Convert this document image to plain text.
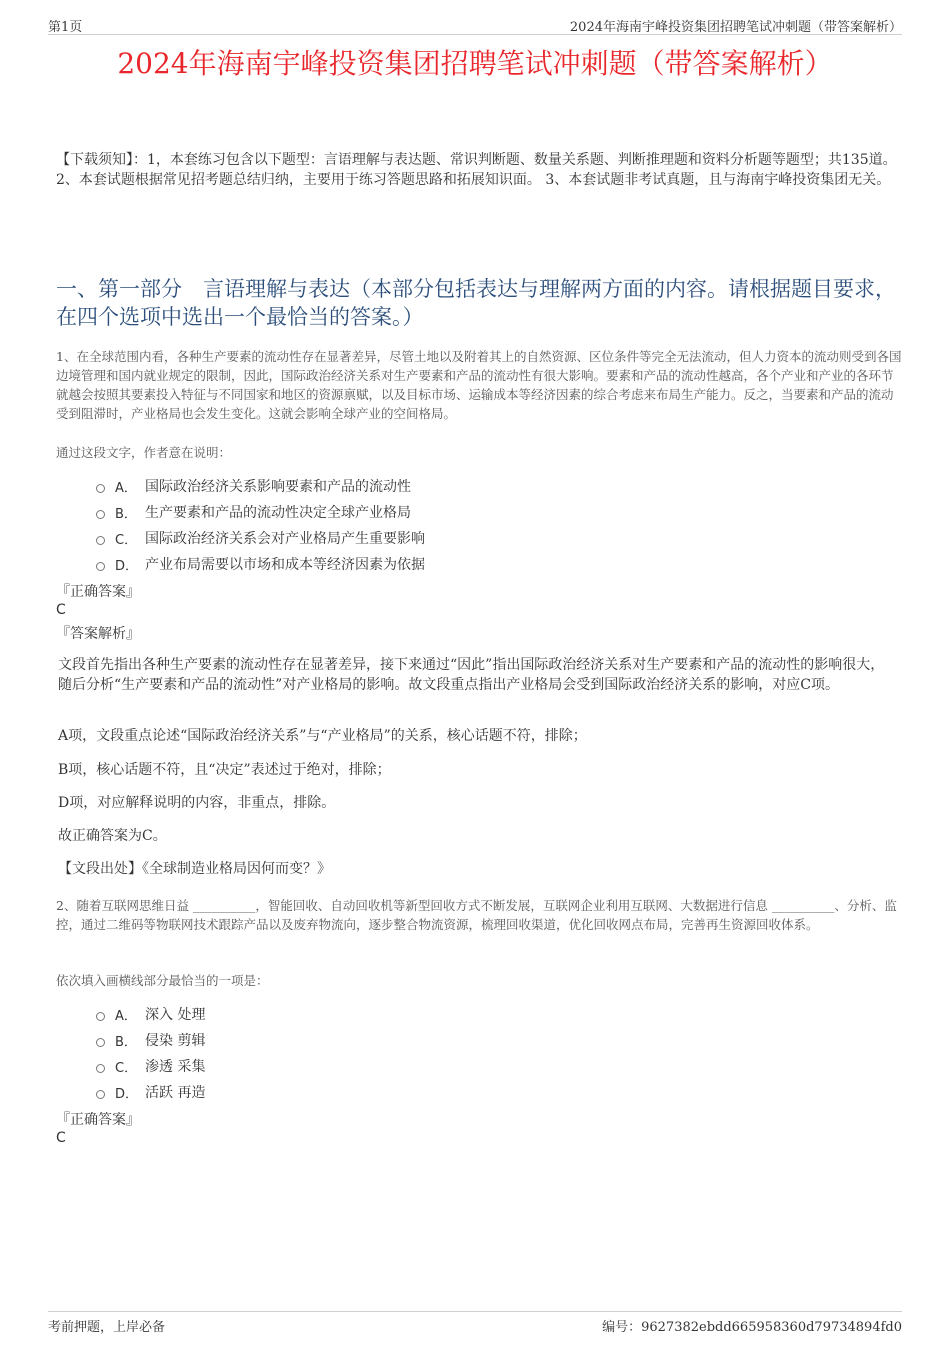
第1页	2024年海南宇峰投资集团招聘笔试冲刺题（带答案解析）
2024年海南宇峰投资集团招聘笔试冲刺题（带答案解析）
【下载须知】：1，本套练习包含以下题型：言语理解与表达题、常识判断题、数量关系题、判断推理题和资料分析题等题型；共135道。 2、本套试题根据常见招考题总结归纳，主要用于练习答题思路和拓展知识面。 3、本套试题非考试真题，且与海南宇峰投资集团无关。
一、第一部分　言语理解与表达（本部分包括表达与理解两方面的内容。请根据题目要求，在四个选项中选出一个最恰当的答案。）
1、在全球范围内看，各种生产要素的流动性存在显著差异，尽管土地以及附着其上的自然资源、区位条件等完全无法流动，但人力资本的流动则受到各国边境管理和国内就业规定的限制，因此，国际政治经济关系对生产要素和产品的流动性有很大影响。要素和产品的流动性越高，各个产业和产业的各环节就越会按照其要素投入特征与不同国家和地区的资源禀赋，以及目标市场、运输成本等经济因素的综合考虑来布局生产能力。反之，当要素和产品的流动受到阻滞时，产业格局也会发生变化。这就会影响全球产业的空间格局。
通过这段文字，作者意在说明：
A． 国际政治经济关系影响要素和产品的流动性
B． 生产要素和产品的流动性决定全球产业格局
C． 国际政治经济关系会对产业格局产生重要影响
D． 产业布局需要以市场和成本等经济因素为依据
『正确答案』
C
『答案解析』
文段首先指出各种生产要素的流动性存在显著差异，接下来通过“因此”指出国际政治经济关系对生产要素和产品的流动性的影响很大，随后分析“生产要素和产品的流动性”对产业格局的影响。故文段重点指出产业格局会受到国际政治经济关系的影响，对应C项。
A项，文段重点论述“国际政治经济关系”与“产业格局”的关系，核心话题不符，排除；
B项，核心话题不符，且“决定”表述过于绝对，排除；
D项，对应解释说明的内容，非重点，排除。
故正确答案为C。
【文段出处】《全球制造业格局因何而变？》
2、随着互联网思维日益 __________，智能回收、自动回收机等新型回收方式不断发展，互联网企业利用互联网、大数据进行信息 __________、分析、监控，通过二维码等物联网技术跟踪产品以及废弃物流向，逐步整合物流资源，梳理回收渠道，优化回收网点布局，完善再生资源回收体系。
依次填入画横线部分最恰当的一项是：
A． 深入 处理
B． 侵染 剪辑
C． 渗透 采集
D． 活跃 再造
『正确答案』
C
考前押题，上岸必备	编号：9627382ebdd665958360d79734894fd0
